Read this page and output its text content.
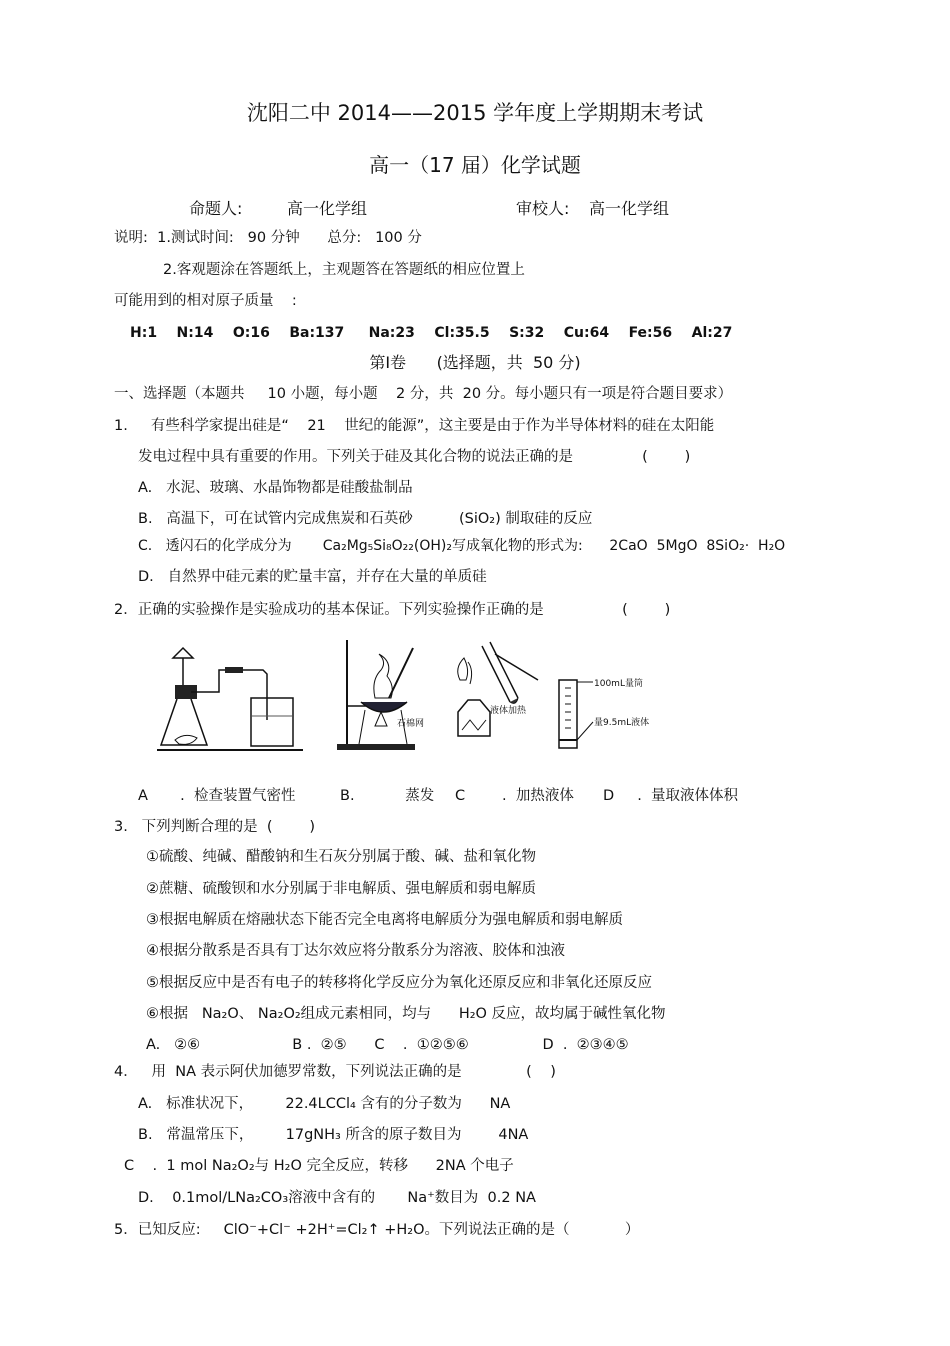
沈阳二中 2014——2015 学年度上学期期末考试
高一（17 届）化学试题
命题人:	高一化学组	审校人: 高一化学组
说明:  1.测试时间:   90 分钟      总分:   100 分
2.客观题涂在答题纸上，主观题答在答题纸的相应位置上
可能用到的相对原子质量    :
H:1    N:14    O:16    Ba:137     Na:23    Cl:35.5    S:32    Cu:64    Fe:56    Al:27
第Ⅰ卷      (选择题，共  50 分)
一、选择题（本题共     10 小题，每小题    2 分，共  20 分。每小题只有一项是符合题目要求）
1.     有些科学家提出硅是“    21    世纪的能源”，这主要是由于作为半导体材料的硅在太阳能
发电过程中具有重要的作用。下列关于硅及其化合物的说法正确的是               (        )
A.   水泥、玻璃、水晶饰物都是硅酸盐制品
B.   高温下，可在试管内完成焦炭和石英砂          (SiO₂) 制取硅的反应
C.   透闪石的化学成分为       Ca₂Mg₅Si₈O₂₂(OH)₂写成氧化物的形式为:      2CaO  5MgO  8SiO₂·  H₂O
D.   自然界中硅元素的贮量丰富，并存在大量的单质硅
2．正确的实验操作是实验成功的基本保证。下列实验操作正确的是                 (        )
石棉网
液体加热
100mL量筒
量9.5mL液体
A       .  检查装置气密性	B.           蒸发 C        .  加热液体 D     .  量取液体体积
3.   下列判断合理的是  (        )
①硫酸、纯碱、醋酸钠和生石灰分别属于酸、碱、盐和氧化物
②蔗糖、硫酸钡和水分别属于非电解质、强电解质和弱电解质
③根据电解质在熔融状态下能否完全电离将电解质分为强电解质和弱电解质
④根据分散系是否具有丁达尔效应将分散系分为溶液、胶体和浊液
⑤根据反应中是否有电子的转移将化学反应分为氧化还原反应和非氧化还原反应
⑥根据   Na₂O、 Na₂O₂组成元素相同，均与      H₂O 反应，故均属于碱性氧化物
A.   ②⑥                    B .  ②⑤      C    .  ①②⑤⑥                D  .  ②③④⑤
4．   用  NA 表示阿伏加德罗常数，下列说法正确的是              (    )
A.   标准状况下，       22.4LCCl₄ 含有的分子数为      NA
B.   常温常压下，       17gNH₃ 所含的原子数目为        4NA
C    .  1 mol Na₂O₂与 H₂O 完全反应，转移      2NA 个电子
D.    0.1mol/LNa₂CO₃溶液中含有的       Na⁺数目为  0.2 NA
5．已知反应:     ClO⁻+Cl⁻ +2H⁺=Cl₂↑ +H₂O。下列说法正确的是（            ）
